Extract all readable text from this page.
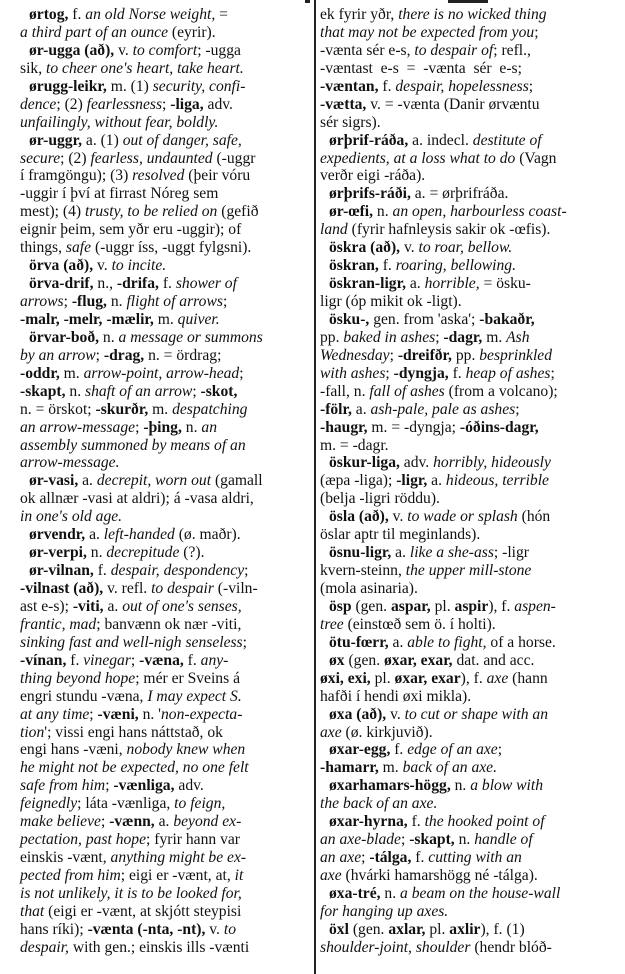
ørtog, f. an old Norse weight, =
a third part of an ounce (eyrir).
ør-ugga (að), v. to comfort; -ugga
sik, to cheer one's heart, take heart.
ørugg-leikr, m. (1) security, confi-
dence; (2) fearlessness; -liga, adv.
unfailingly, without fear, boldly.
ør-uggr, a. (1) out of danger, safe,
secure; (2) fearless, undaunted (-uggr
í framgöngu); (3) resolved (þeir vóru
-uggir í því at firrast Nóreg sem
mest); (4) trusty, to be relied on (gefið
eignir þeim, sem yðr eru -uggir); of
things, safe (-uggr íss, -uggt fylgsni).
örva (að), v. to incite.
örva-drif, n., -drifa, f. shower of
arrows; -flug, n. flight of arrows;
-malr, -melr, -mælir, m. quiver.
örvar-boð, n. a message or summons
by an arrow; -drag, n. = ördrag;
-oddr, m. arrow-point, arrow-head;
-skapt, n. shaft of an arrow; -skot,
n. = örskot; -skurðr, m. despatching
an arrow-message; -þing, n. an
assembly summoned by means of an
arrow-message.
ør-vasi, a. decrepit, worn out (gamall
ok allnær -vasi at aldri); á -vasa aldri,
in one's old age.
ørvendr, a. left-handed (ø. maðr).
ør-verpi, n. decrepitude (?).
ør-vilnan, f. despair, despondency;
-vilnast (að), v. refl. to despair (-viln-
ast e-s); -viti, a. out of one's senses,
frantic, mad; banvænn ok nær -viti,
sinking fast and well-nigh senseless;
-vínan, f. vinegar; -væna, f. any-
thing beyond hope; mér er Sveins á
engri stundu -væna, I may expect S.
at any time; -væni, n. 'non-expecta-
tion'; vissi engi hans náttstað, ok
engi hans -væni, nobody knew when
he might not be expected, no one felt
safe from him; -vænliga, adv.
feignedly; láta -vænliga, to feign,
make believe; -vænn, a. beyond ex-
pectation, past hope; fyrir hann var
einskis -vænt, anything might be ex-
pected from him; eigi er -vænt, at, it
is not unlikely, it is to be looked for,
that (eigi er -vænt, at skjótt steypisi
hans ríki); -vænta (-nta, -nt), v. to
despair, with gen.; einskis ills -vænti
ek fyrir yðr, there is no wicked thing
that may not be expected from you;
-vænta sér e-s, to despair of; refl.,
-væntast  e-s  =  -vænta  sér  e-s;
-væntan, f. despair, hopelessness;
-vætta, v. = -vænta (Danir ørvæntu
sér sigrs).
ørþrif-ráða, a. indecl. destitute of
expedients, at a loss what to do (Vagn
verðr eigi -ráða).
ørþrifs-ráði, a. = ørþrifráða.
ør-œfi, n. an open, harbourless coast-
land (fyrir hafnleysis sakir ok -œfis).
öskra (að), v. to roar, bellow.
öskran, f. roaring, bellowing.
öskran-ligr, a. horrible, = ösku-
ligr (óp mikit ok -ligt).
ösku-, gen. from 'aska'; -bakaðr,
pp. baked in ashes; -dagr, m. Ash
Wednesday; -dreifðr, pp. besprinkled
with ashes; -dyngja, f. heap of ashes;
-fall, n. fall of ashes (from a volcano);
-fölr, a. ash-pale, pale as ashes;
-haugr, m. = -dyngja; -óðins-dagr,
m. = -dagr.
öskur-liga, adv. horribly, hideously
(æpa -liga); -ligr, a. hideous, terrible
(belja -ligri röddu).
ösla (að), v. to wade or splash (hón
öslar aptr til meginlands).
ösnu-ligr, a. like a she-ass; -ligr
kvern-steinn, the upper mill-stone
(mola asinaria).
ösp (gen. aspar, pl. aspir), f. aspen-
tree (einstœð sem ö. í holti).
ötu-fœrr, a. able to fight, of a horse.
øx (gen. øxar, exar, dat. and acc.
øxi, exi, pl. øxar, exar), f. axe (hann
hafði í hendi øxi mikla).
øxa (að), v. to cut or shape with an
axe (ø. kirkjuvið).
øxar-egg, f. edge of an axe;
-hamarr, m. back of an axe.
øxarhamars-högg, n. a blow with
the back of an axe.
øxar-hyrna, f. the hooked point of
an axe-blade; -skapt, n. handle of
an axe; -tálga, f. cutting with an
axe (hvárki hamarshögg né -tálga).
øxa-tré, n. a beam on the house-wall
for hanging up axes.
öxl (gen. axlar, pl. axlir), f. (1)
shoulder-joint, shoulder (hendr blóð-
